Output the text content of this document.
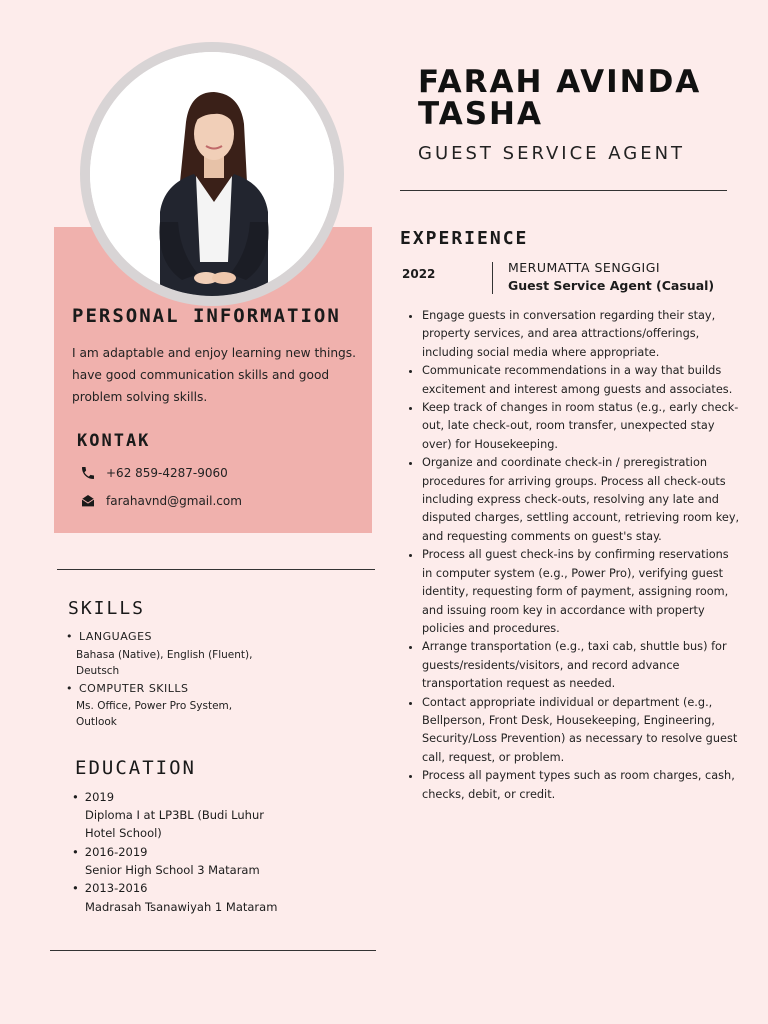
FARAH AVINDA TASHA
GUEST SERVICE AGENT
PERSONAL INFORMATION
I am adaptable and enjoy learning new things. have good communication skills and good problem solving skills.
KONTAK
+62 859-4287-9060
farahavnd@gmail.com
SKILLS
• LANGUAGES
Bahasa (Native), English (Fluent),
Deutsch
• COMPUTER SKILLS
Ms. Office, Power Pro System,
Outlook
EDUCATION
• 2019
Diploma I at LP3BL (Budi Luhur
Hotel School)
• 2016-2019
Senior High School 3 Mataram
• 2013-2016
Madrasah Tsanawiyah 1 Mataram
EXPERIENCE
2022	MERUMATTA SENGGIGI
Guest Service Agent (Casual)
• Engage guests in conversation regarding their stay, property services, and area attractions/offerings, including social media where appropriate.
• Communicate recommendations in a way that builds excitement and interest among guests and associates.
• Keep track of changes in room status (e.g., early check-out, late check-out, room transfer, unexpected stay over) for Housekeeping.
• Organize and coordinate check-in / preregistration procedures for arriving groups. Process all check-outs including express check-outs, resolving any late and disputed charges, settling account, retrieving room key, and requesting comments on guest's stay.
• Process all guest check-ins by confirming reservations in computer system (e.g., Power Pro), verifying guest identity, requesting form of payment, assigning room, and issuing room key in accordance with property policies and procedures.
• Arrange transportation (e.g., taxi cab, shuttle bus) for guests/residents/visitors, and record advance transportation request as needed.
• Contact appropriate individual or department (e.g., Bellperson, Front Desk, Housekeeping, Engineering, Security/Loss Prevention) as necessary to resolve guest call, request, or problem.
• Process all payment types such as room charges, cash, checks, debit, or credit.
